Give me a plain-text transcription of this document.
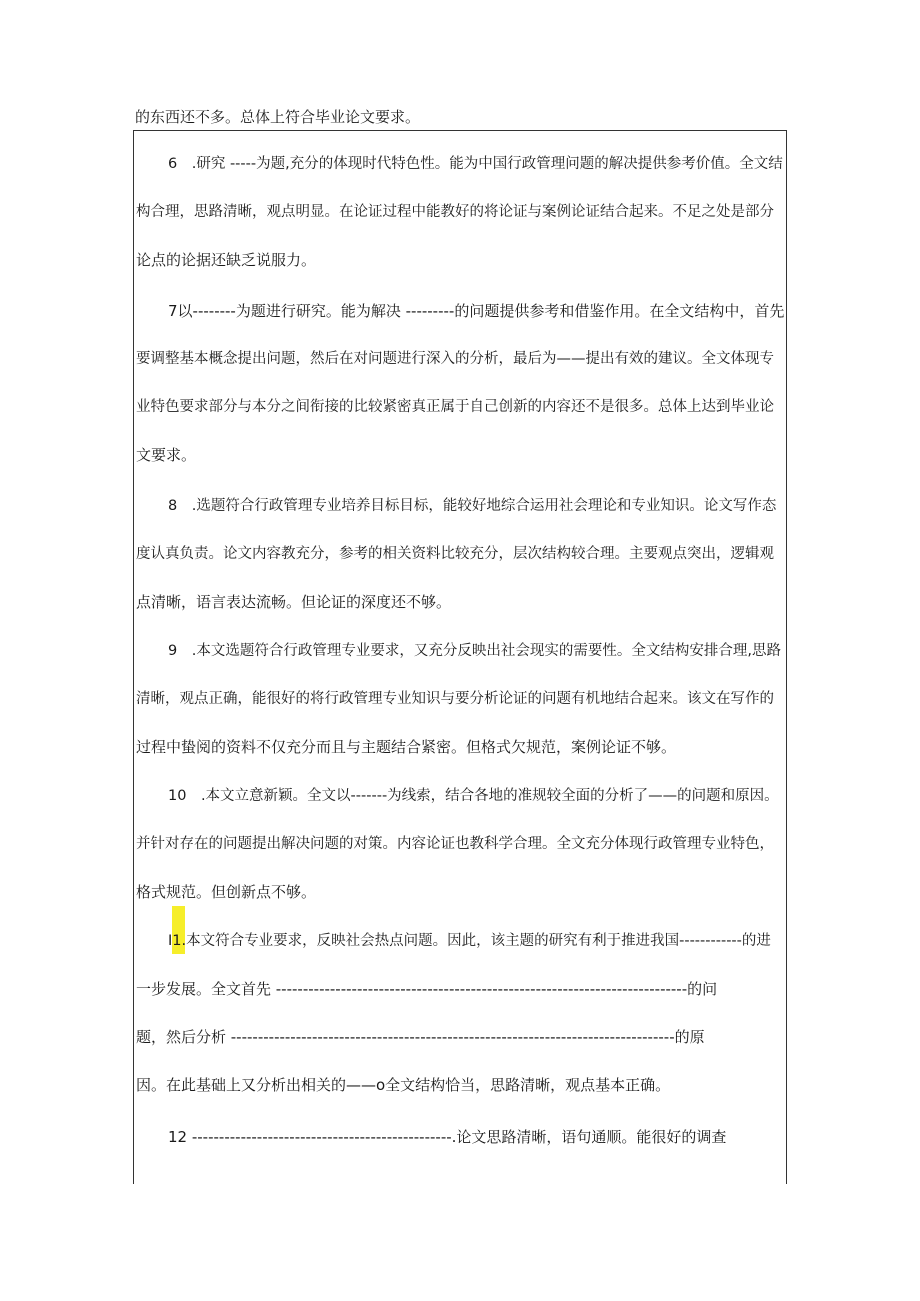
的东西还不多。总体上符合毕业论文要求。
6　.研究 -----为题,充分的体现时代特色性。能为中国行政管理问题的解决提供参考价值。全文结
构合理，思路清晰，观点明显。在论证过程中能教好的将论证与案例论证结合起来。不足之处是部分
论点的论据还缺乏说服力。
7以--------为题进行研究。能为解决 ---------的问题提供参考和借鉴作用。在全文结构中，首先
要调整基本概念提出问题，然后在对问题进行深入的分析，最后为——提出有效的建议。全文体现专
业特色要求部分与本分之间衔接的比较紧密真正属于自己创新的内容还不是很多。总体上达到毕业论
文要求。
8　.选题符合行政管理专业培养目标目标，能较好地综合运用社会理论和专业知识。论文写作态
度认真负责。论文内容教充分，参考的相关资料比较充分，层次结构较合理。主要观点突出，逻辑观
点清晰，语言表达流畅。但论证的深度还不够。
9　.本文选题符合行政管理专业要求，又充分反映出社会现实的需要性。全文结构安排合理,思路
清晰，观点正确，能很好的将行政管理专业知识与要分析论证的问题有机地结合起来。该文在写作的
过程中蛰阅的资料不仅充分而且与主题结合紧密。但格式欠规范，案例论证不够。
10　.本文立意新颖。全文以-------为线索，结合各地的准规较全面的分析了——的问题和原因。
并针对存在的问题提出解决问题的对策。内容论证也教科学合理。全文充分体现行政管理专业特色，
格式规范。但创新点不够。
I1.本文符合专业要求，反映社会热点问题。因此，该主题的研究有利于推进我国------------的进
一步发展。全文首先 ----------------------------------------------------------------------------的问
题，然后分析 ----------------------------------------------------------------------------------的原
因。在此基础上又分析出相关的——o全文结构恰当，思路清晰，观点基本正确。
12 ------------------------------------------------.论文思路清晰，语句通顺。能很好的调查
